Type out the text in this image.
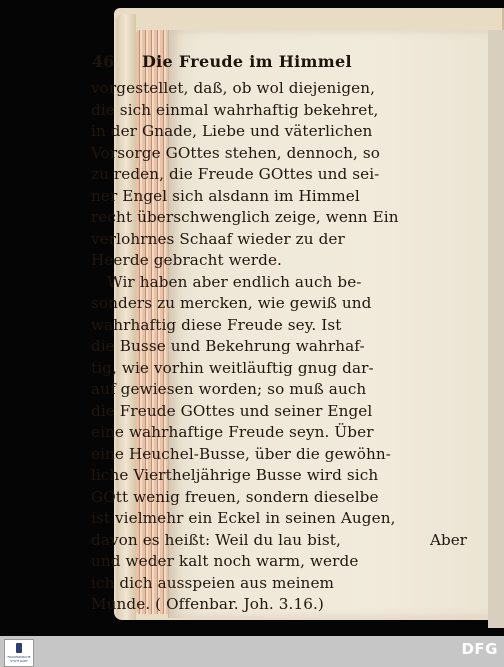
46 Die Freude im Himmel
vorgestellet, daß, ob wol diejenigen,
die sich einmal wahrhaftig bekehret,
in der Gnade, Liebe und väterlichen
Vorsorge GOttes stehen, dennoch, so
zu reden, die Freude GOttes und sei-
ner Engel sich alsdann im Himmel
recht überschwenglich zeige, wenn Ein
verlohrnes Schaaf wieder zu der
Heerde gebracht werde.
Wir haben aber endlich auch be-
sonders zu mercken, wie gewiß und
wahrhaftig diese Freude sey. Ist
die Busse und Bekehrung wahrhaf-
tig, wie vorhin weitläuftig gnug dar-
auf gewiesen worden; so muß auch
die Freude GOttes und seiner Engel
eine wahrhaftige Freude seyn. Über
eine Heuchel-Busse, über die gewöhn-
liche Viertheljährige Busse wird sich
GOtt wenig freuen, sondern dieselbe
ist vielmehr ein Eckel in seinen Augen,
davon es heißt: Weil du lau bist,
und weder kalt noch warm, werde
ich dich ausspeien aus meinem
Munde. ( Offenbar. Joh. 3.16.)
Aber
FRAUENKIRCHE STUTTGART
DFG
